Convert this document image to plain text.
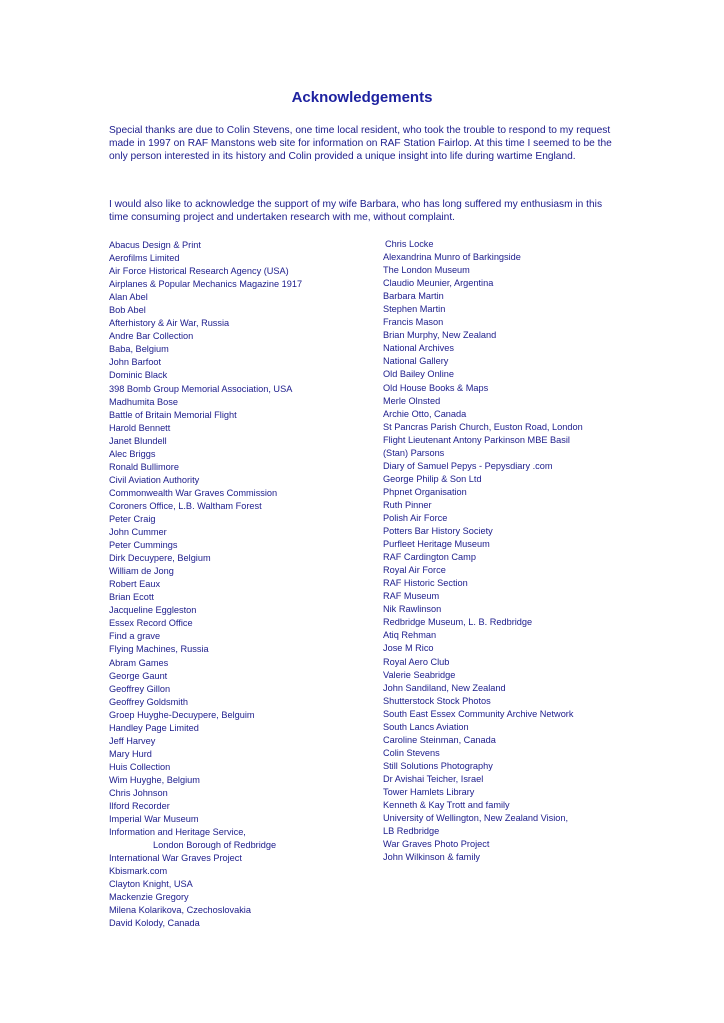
Acknowledgements

Special thanks are due to Colin Stevens, one time local resident, who took the trouble to respond to my request made in 1997 on RAF Manstons web site for information on RAF Station Fairlop. At this time I seemed to be the only person interested in its history and Colin provided a unique insight into life during wartime England.

I would also like to acknowledge the support of my wife Barbara, who has long suffered my enthusiasm in this time consuming project and undertaken research with me, without complaint.

Abacus Design & Print
Aerofilms Limited
Air Force Historical Research Agency (USA)
Airplanes & Popular Mechanics Magazine 1917
Alan Abel
Bob Abel
Afterhistory & Air War, Russia
Andre Bar Collection
Baba, Belgium
John Barfoot
Dominic Black
398 Bomb Group Memorial Association, USA
Madhumita Bose
Battle of Britain Memorial Flight
Harold Bennett
Janet Blundell
Alec Briggs
Ronald Bullimore
Civil Aviation Authority
Commonwealth War Graves Commission
Coroners Office, L.B. Waltham Forest
Peter Craig
John Cummer
Peter Cummings
Dirk Decuypere, Belgium
William de Jong
Robert Eaux
Brian Ecott
Jacqueline Eggleston
Essex Record Office
Find a grave
Flying Machines, Russia
Abram Games
George Gaunt
Geoffrey Gillon
Geoffrey Goldsmith
Groep Huyghe-Decuypere, Belguim
Handley Page Limited
Jeff Harvey
Mary Hurd
Huis Collection
Wim Huyghe, Belgium
Chris Johnson
Ilford Recorder
Imperial War Museum
Information and Heritage Service,
London Borough of Redbridge
International War Graves Project
Kbismark.com
Clayton Knight, USA
Mackenzie Gregory
Milena Kolarikova, Czechoslovakia
David Kolody, Canada
Chris Locke
Alexandrina Munro of Barkingside
The London Museum
Claudio Meunier, Argentina
Barbara Martin
Stephen Martin
Francis Mason
Brian Murphy, New Zealand
National Archives
National Gallery
Old Bailey Online
Old House Books & Maps
Merle Olnsted
Archie Otto, Canada
St Pancras Parish Church, Euston Road, London
Flight Lieutenant Antony Parkinson MBE Basil
(Stan) Parsons
Diary of Samuel Pepys - Pepysdiary .com
George Philip & Son Ltd
Phpnet Organisation
Ruth Pinner
Polish Air Force
Potters Bar History Society
Purfleet Heritage Museum
RAF Cardington Camp
Royal Air Force
RAF Historic Section
RAF Museum
Nik Rawlinson
Redbridge Museum, L. B. Redbridge
Atiq Rehman
Jose M Rico
Royal Aero Club
Valerie Seabridge
John Sandiland, New Zealand
Shutterstock Stock Photos
South East Essex Community Archive Network
South Lancs Aviation
Caroline Steinman, Canada
Colin Stevens
Still Solutions Photography
Dr Avishai Teicher, Israel
Tower Hamlets Library
Kenneth & Kay Trott and family
University of Wellington, New Zealand Vision,
LB Redbridge
War Graves Photo Project
John Wilkinson & family
